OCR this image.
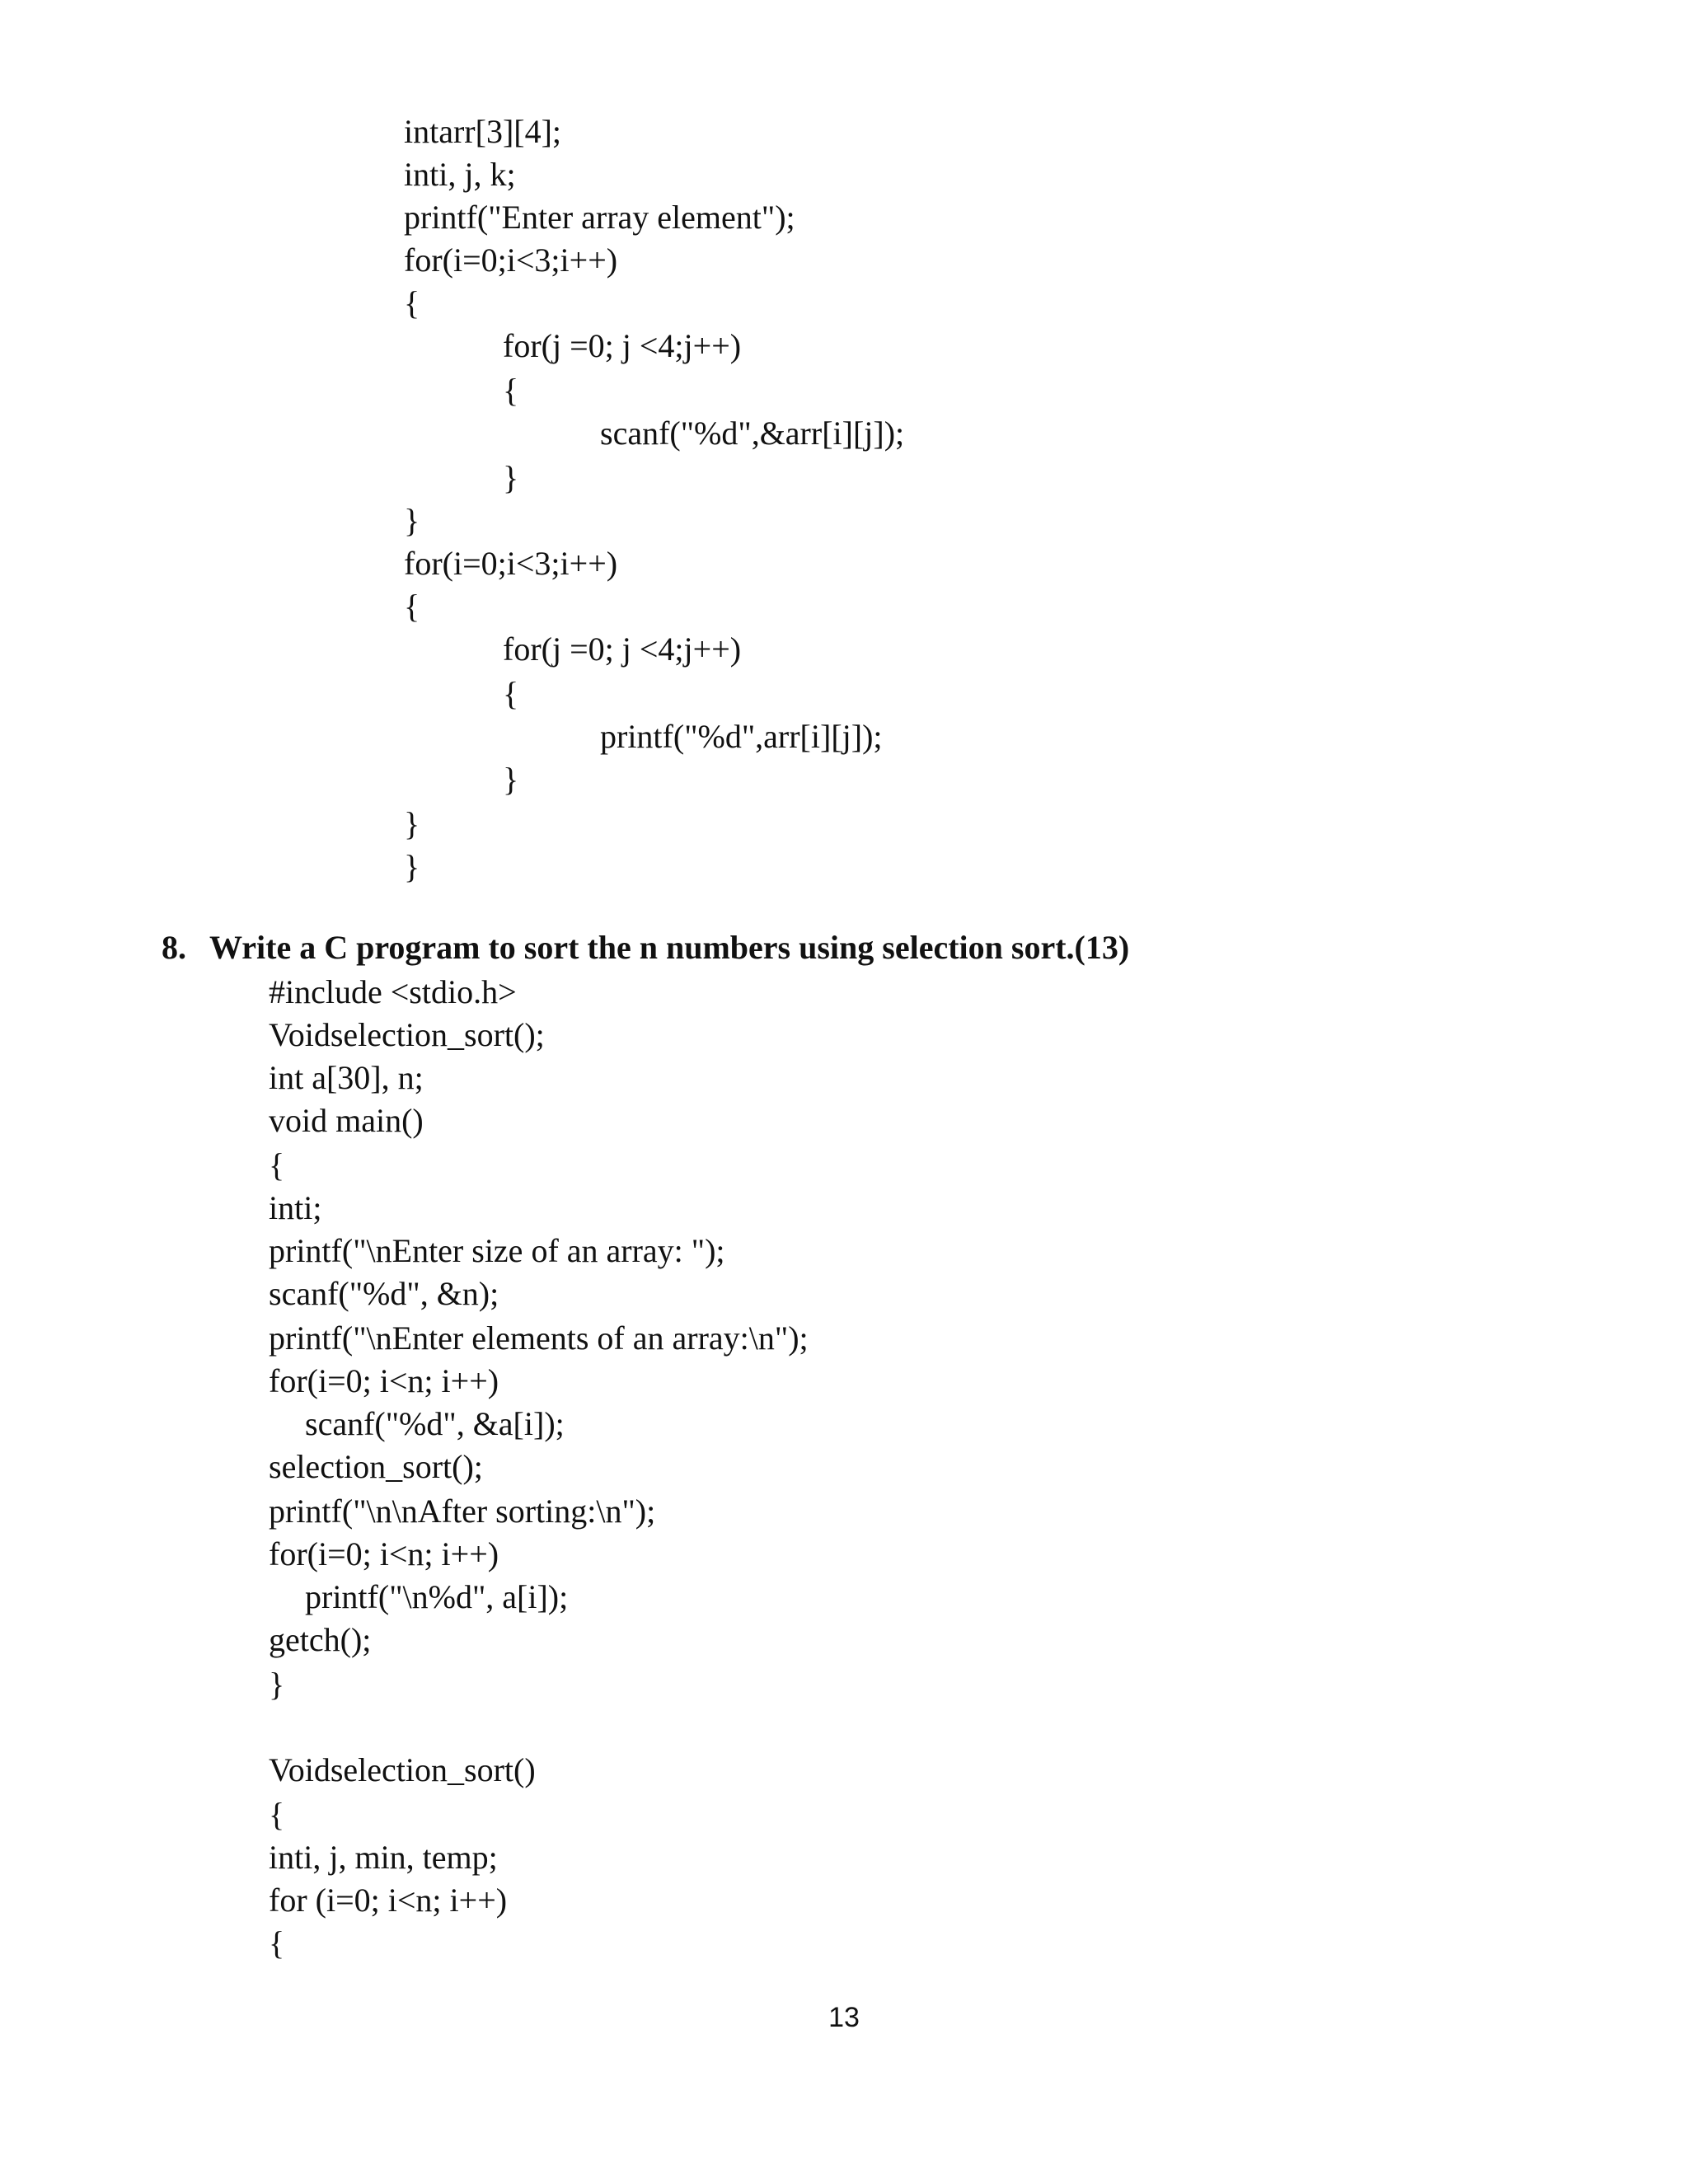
intarr[3][4];

inti, j, k;

printf("Enter array element");

for(i=0;i<3;i++)

{

for(j =0; j <4;j++)

{

scanf("%d",&arr[i][j]);

}

}

for(i=0;i<3;i++)

{

for(j =0; j <4;j++)

{

printf("%d",arr[i][j]);

}

}

}

8. Write a C program to sort the n numbers using selection sort.(13)

#include <stdio.h>

Voidselection_sort();

int a[30], n;

void main()

{

inti;

printf("\nEnter size of an array: ");

scanf("%d", &n);

printf("\nEnter elements of an array:\n");

for(i=0; i<n; i++)

scanf("%d", &a[i]);

selection_sort();

printf("\n\nAfter sorting:\n");

for(i=0; i<n; i++)

printf("\n%d", a[i]);

getch();

}

Voidselection_sort()

{

inti, j, min, temp;

for (i=0; i<n; i++)

{

13
